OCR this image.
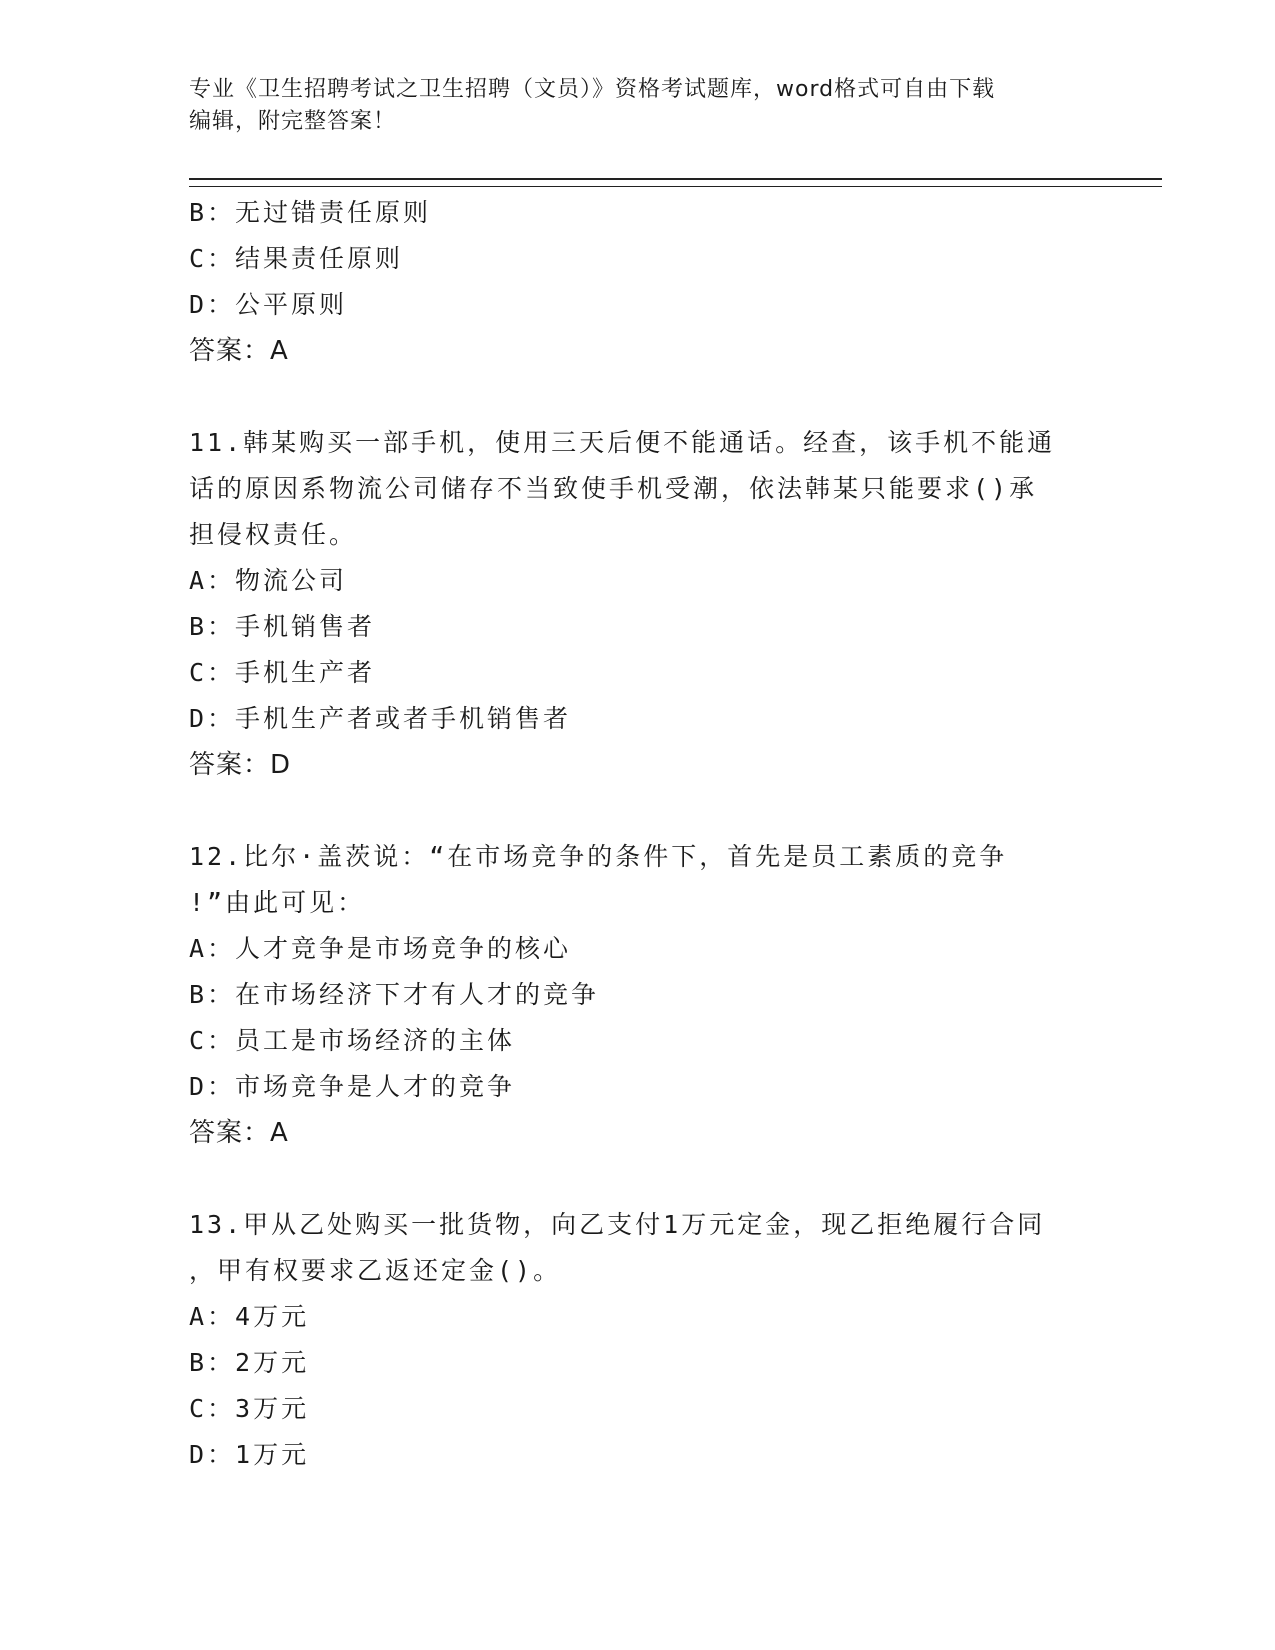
专业《卫生招聘考试之卫生招聘（文员）》资格考试题库，word格式可自由下载
编辑，附完整答案！
B：无过错责任原则
C：结果责任原则
D：公平原则
答案：A
11.韩某购买一部手机，使用三天后便不能通话。经查，该手机不能通
话的原因系物流公司储存不当致使手机受潮，依法韩某只能要求()承
担侵权责任。
A：物流公司
B：手机销售者
C：手机生产者
D：手机生产者或者手机销售者
答案：D
12.比尔·盖茨说：“在市场竞争的条件下，首先是员工素质的竞争
!”由此可见：
A：人才竞争是市场竞争的核心
B：在市场经济下才有人才的竞争
C：员工是市场经济的主体
D：市场竞争是人才的竞争
答案：A
13.甲从乙处购买一批货物，向乙支付1万元定金，现乙拒绝履行合同
，甲有权要求乙返还定金()。
A：4万元
B：2万元
C：3万元
D：1万元
